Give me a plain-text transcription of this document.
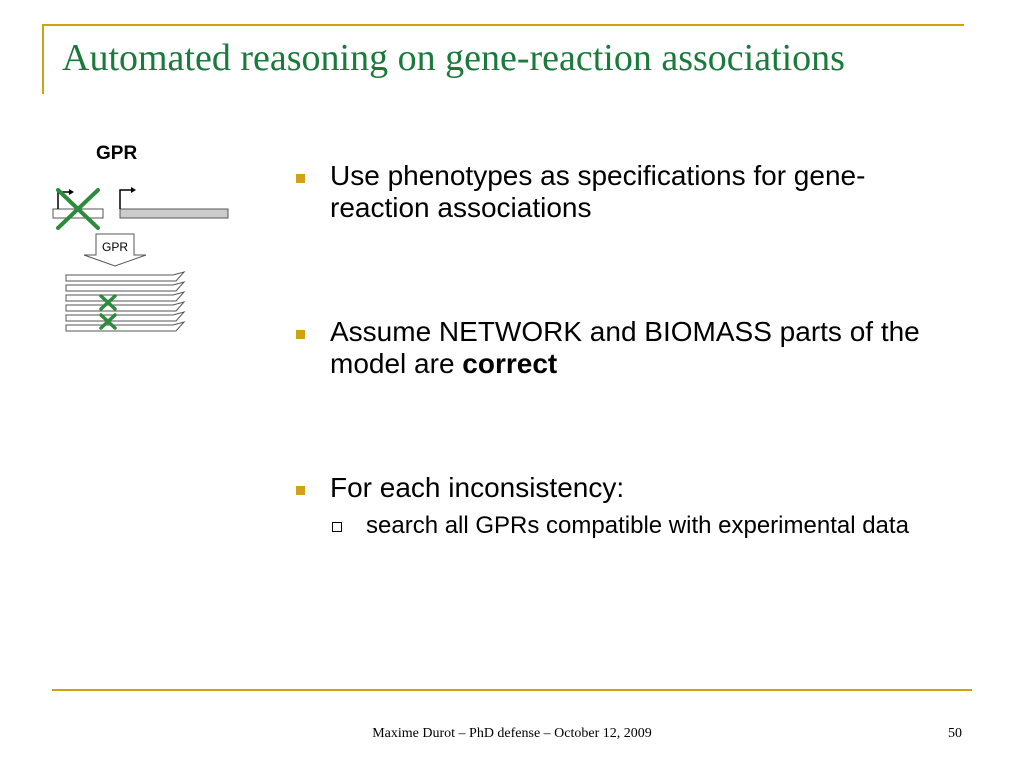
Automated reasoning on gene-reaction associations
GPR
GPR
Use phenotypes as specifications for gene-reaction associations
Assume NETWORK and BIOMASS parts of the model are correct
For each inconsistency:
search all GPRs compatible with experimental data
Maxime Durot – PhD defense – October 12, 2009	50
